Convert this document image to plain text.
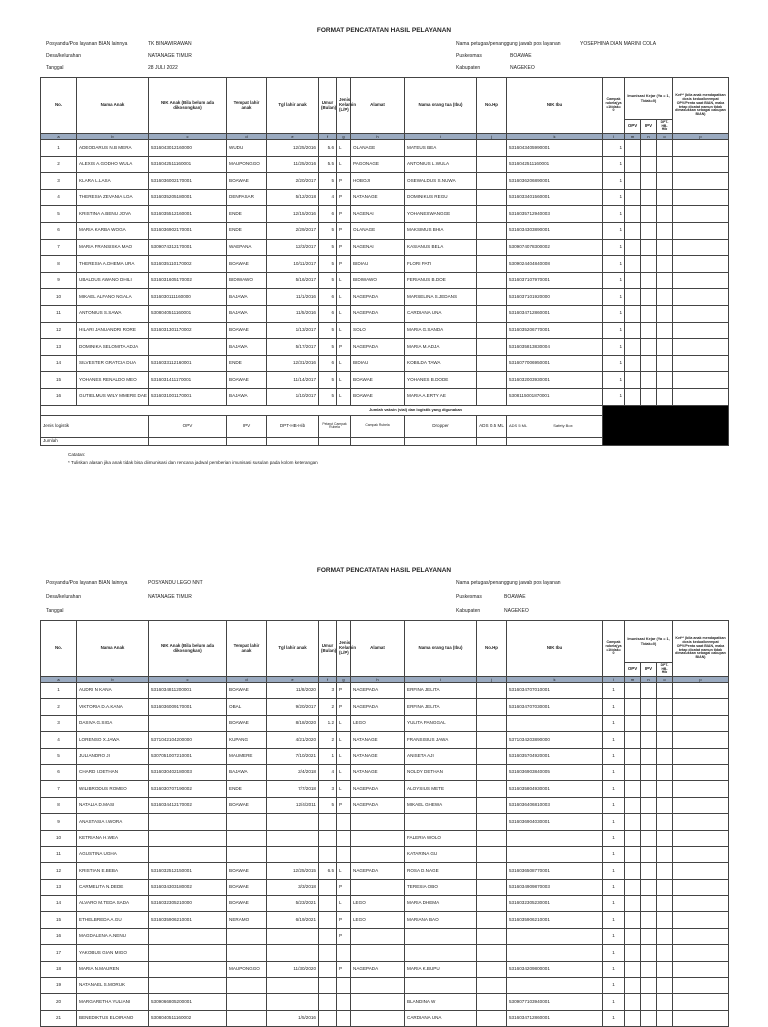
FORMAT PENCATATAN HASIL PELAYANAN
Posyandu/Pos layanan BIAN lainnya	TK BINAWIRAWAN
Desa/kelurahan	NATANAGE TIMUR
Tanggal	28 JULI 2022
Nama petugas/penanggung jawab pos layanan	YOSEPHINA DIAN MARINI COLA
Puskesmas	BOAWAE
Kabupaten	NAGEKEO
No.	Nama Anak	NIK Anak (Bila belum ada dikosongkan)	Tempat lahir anak	Tgl lahir anak	Umur (Bulan)	Jenis Kelamin (L/P)	Alamat	Nama orang tua (Ibu)	No.Hp	NIK Ibu	Campak rubela(ya =1tidak= 0	Imunisasi Kejar (Ya = 1, Tidak=0)			Ket** (bila anak mendapatkan dosis kedua/keempat OPV/Penta saat BIAN, maka tetap dicatat namun tidak dimasukkan sebagai cakupan BIAN)
												OPV	IPV	DPT-HB-Hib	
a	b	c	d	e	f	g	h	i	j	k	l	m	n	o	p
1	ADEODARUS N.B MERA	5316043012160000	WUDU	12/25/2016	5.6	L	OLANAGE	MATEUS BEA		5316043405990001	1				
2	ALEXIS A.GODHO WULA	5316042511160001	MAUPONGGO	11/25/2016	5.5	L	PAGONAGE	ANTONIUS L.WULA		5316042511160001	1				
3	KLARA L.LASA	5316036002170001	BOAWAE	2/20/2017	5	P	HOBOJI	OSEWALDUS S.NUWA		5316036206890001	1				
4	THERESIA ZEVANIA LOA	5316035205180001	DENPASAR	5/12/2018	4	P	NATANAGE	DOMINIKUS REGU		5316033401560001	1				
5	KRISTINA A.BENU JOVA	5316035512160001	ENDE	12/15/2016	6	P	NAGENAI	YOHANESWANGGE		5316035712940003	1				
6	MARIA KARBA WOGA	5316036902170001	ENDE	2/29/2017	5	P	OLANAGE	MAKSIMUS BHIA		5316034303890001	1				
7	MARIA FRANSISKA MAO	5309074312170001	WAEPANA	12/3/2017	5	P	NAGENAI	KASIANUS BELA		5309074078300002	1				
8	THERESIA A.DHEMA URA	5316035110170002	BOAWAE	10/11/2017	5	P	BIDIAU	FLORI PATI		5309024404840008	1				
9	UBALDUS AWANO DHILI	5316031605170002	BIDIWAWO	5/16/2017	5	L	BIDIWAWO	FERIANUS B.DOE		5316037107970001	1				
10	MIKAEL ALFANO NGALA	5316030111160000	BAJAWA	11/1/2016	6	L	NAGEPADA	MARSELINA S.JEDANS		5316037101920000	1				
11	ANTONIUS S.SAWA	5308040511160001	BAJAWA	11/5/2016	6	L	NAGEPADA	CARDIANA UNA		5316034712860001	1				
12	HILARI JANUANDRI RORE	5316031301170002	BOAWAE	1/13/2017	5	L	SOLO	MARIA G.SANDA		5316035206770001	1				
13	DOMINIKA SELOMITA ADJA		BAJAWA	5/17/2017	5	P	NAGEPADA	MARIA M.ADJA		5316035813830004	1				
14	SILVESTER GRATCIA DUA	5316033112160001	ENDE	12/31/2016	6	L	BIDIAU	KOBILDA TAWA		5316077006950001	1				
15	YOHANES RENALDO MEO	5316031411170001	BOAWAE	11/14/2017	5	L	BOAWAE	YOHANES B.DODE		5316032003930001	1				
16	GUTIELMUS WILY MMERE DAE	5316031001170001	BAJAWA	1/10/2017	5	L	BOAWAE	MARIA A.ERTY AE		5308115001870001	1				
Jumlah vaksin (vial) dan logistik yang digunakan															
Jenis logistik		OPV	IPV	DPT-HB-Hib	Pelarut Campak Rubela		Campak Rubela	Dropper	ADS 0.5 ML	ADS 5 ML Safety Box					
Jumlah															
Catatan:
* Tuliskan alasan jika anak tidak bisa diimunisasi dan rencana jadwal pemberian imunisasi susulan pada kolom keterangan
FORMAT PENCATATAN HASIL PELAYANAN
Posyandu/Pos layanan BIAN lainnya	POSYANDU LEGO NNT
Desa/kelurahan	NATANAGE TIMUR
Tanggal
Nama petugas/penanggung jawab pos layanan
Puskesmas	BOAWAE
Kabupaten	NAGEKEO
No.	Nama Anak	NIK Anak (Bila belum ada dikosongkan)	Tempat lahir anak	Tgl lahir anak	Umur (Bulan)	Jenis Kelamin (L/P)	Alamat	Nama orang tua (Ibu)	No.Hp	NIK Ibu	Campak rubela(ya =1tidak= 0	Imunisasi Kejar (Ya = 1, Tidak=0)			Ket** (bila anak mendapatkan dosis kedua/keempat OPV/Penta saat BIAN, maka tetap dicatat namun tidak dimasukkan sebagai cakupan BIAN)
												OPV	IPV	DPT-HB-Hib	
a	b	c	d	e	f	g	h	i	j	k	l	m	n	o	p
1	AUDRI N KANA	5316034811200001	BOAWAE	11/8/2020	3	P	NAGEPADA	ERFINA JELITA		5316034707010001	1				
2	VIKTORIA D.A.KANA	5316036009170001	OBAL	9/20/2017	2	P	NAGEPADA	ERFINA JELITA		5316034707030001	1				
3	DASIVA G.SIGA		BOAWAE	8/18/2020	1.2	L	LEGO	YULITA PANGGAL			1				
4	LORENSO X.JAWA	5371042104200000	KUPANG	4/21/2020	2	L	NATANAGE	FRANSISIUS JAWA		5371034203890000	1				
5	JULIANDRO JI	5307051007210001	MAUMERE	7/10/2021	1	L	NATANAGE	ANISETA AJI		5316035704920001	1				
6	CHARD I.DETHAN	5316030402180003	BAJAWA	2/4/2018	4	L	NATANAGE	NOLDY DETHAN		5316036903840005	1				
7	WILIBRODUS ROMEO	5316030707190002	ENDE	7/7/2018	3	L	NAGEPADA	ALOYSIUS METE		5316035804930001	1				
8	NATALIA D.MASI	5316034412170002	BOAWAE	12/4/2011	5	P	NAGEPADA	MIKAEL GHEWA		5316036406810003	1				
9	ANASTASIA I.WORA									5316036904030001	1				
10	KETRIANA H.WEA							FALERIA WOLO			1				
11	AGUSTINA UGHA							KATARINA GU			1				
12	KRISTIAN E.BEBA	5316032512150001	BOAWAE	12/25/2015	6.5	L	NAGEPADA	ROSA D.NAGE		5316036508770001	1				
13	CARMELITA N.DEDE	5316034303180002	BOAWAE	3/3/2018		P		TERESIA OBO		5316034909870003	1				
14	ALVARO M.TEDA SADA	5316032305210000	BOAWAE	5/23/2021		L	LEGO	MARIA DHEMA		5316032305230001	1				
15	ETHELBREDA A.GU	5316035906210001	NERAMO	6/19/2021		P	LEGO	MARIANA BAO		5316035906210001	1				
16	MAGDALENA A.NENU					P					1				
17	YAKOBUS GIAN MIGO										1				
18	MARIA N.MAUREN		MAUPONGGO	11/30/2020		P	NAGEPADA	MARIA K.BUPU		5316034209800001	1				
19	NATANAEL S.MORUK										1				
20	MARGARETHA YULIANI	5309066805200001						BLANDINA W		5309077103940001	1				
21	BENEDIKTUS ELOIRANO	5308040511160002		1/5/2016				CARDIANA UNA		5316034712860001	1				
